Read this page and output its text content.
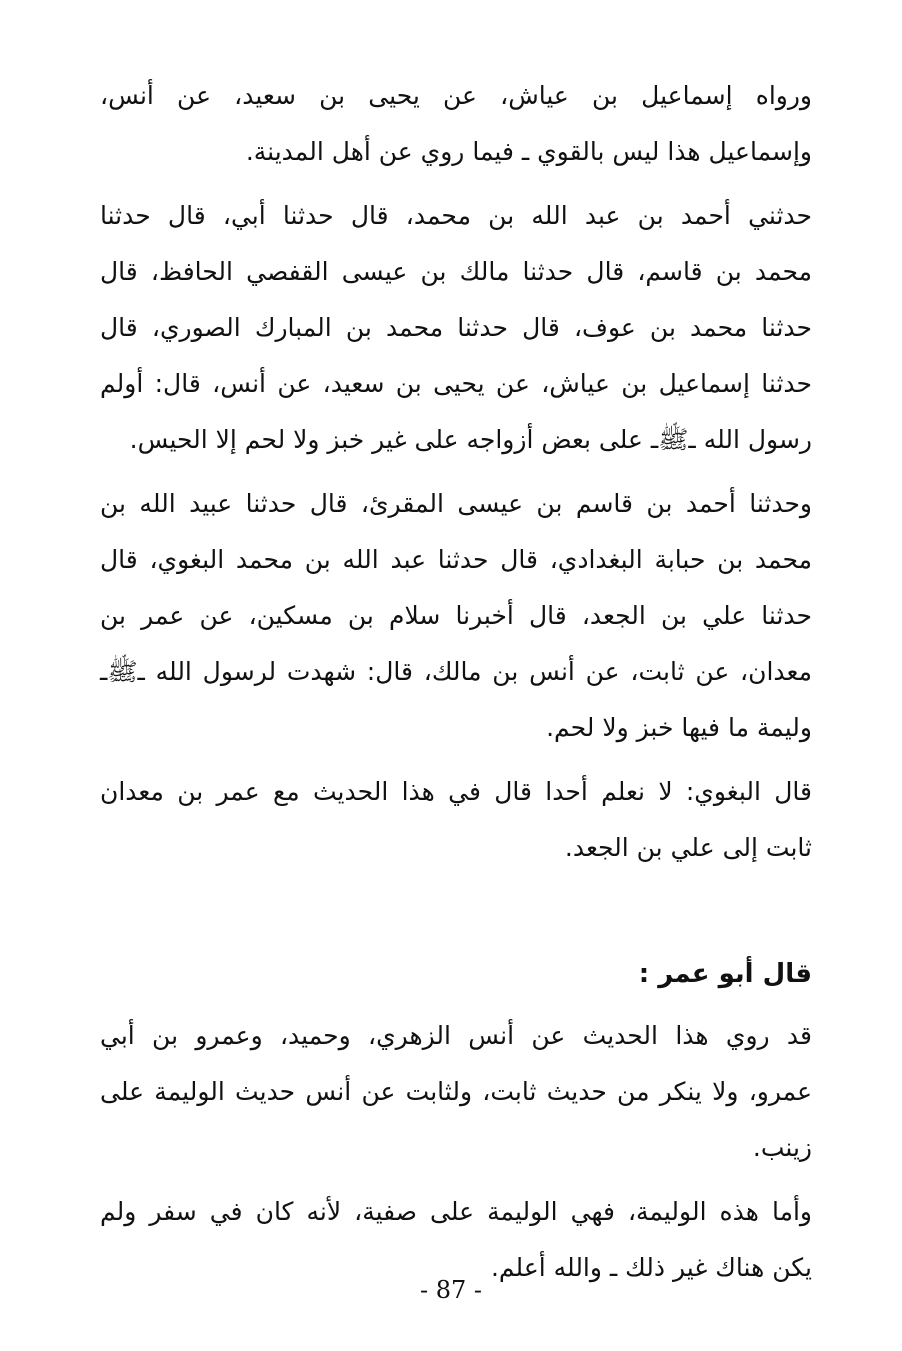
ورواه إسماعيل بن عياش، عن يحيى بن سعيد، عن أنس،
وإسماعيل هذا ليس بالقوي ـ فيما روي عن أهل المدينة.

حدثني أحمد بن عبد الله بن محمد، قال حدثنا أبي، قال حدثنا
محمد بن قاسم، قال حدثنا مالك بن عيسى القفصي الحافظ، قال
حدثنا محمد بن عوف، قال حدثنا محمد بن المبارك الصوري، قال
حدثنا إسماعيل بن عياش، عن يحيى بن سعيد، عن أنس، قال: أولم
رسول الله ـﷺـ على بعض أزواجه على غير خبز ولا لحم إلا الحيس.

وحدثنا أحمد بن قاسم بن عيسى المقرئ، قال حدثنا عبيد الله بن
محمد بن حبابة البغدادي، قال حدثنا عبد الله بن محمد البغوي، قال
حدثنا علي بن الجعد، قال أخبرنا سلام بن مسكين، عن عمر بن
معدان، عن ثابت، عن أنس بن مالك، قال: شهدت لرسول الله ـﷺـ
وليمة ما فيها خبز ولا لحم.

قال البغوي: لا نعلم أحدا قال في هذا الحديث مع عمر بن معدان
ثابت إلى علي بن الجعد.

قال أبو عمر :

قد روي هذا الحديث عن أنس الزهري، وحميد، وعمرو بن أبي
عمرو، ولا ينكر من حديث ثابت، ولثابت عن أنس حديث الوليمة على
زينب.

وأما هذه الوليمة، فهي الوليمة على صفية، لأنه كان في سفر ولم
يكن هناك غير ذلك ـ والله أعلم.

- 87 -
